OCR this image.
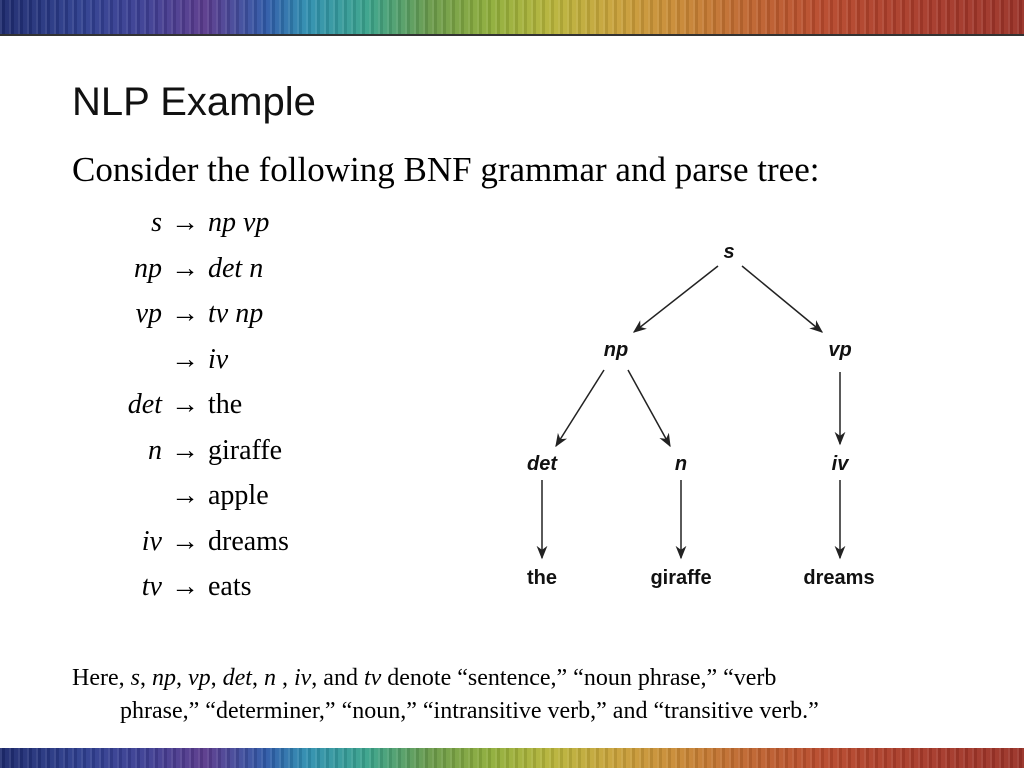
NLP Example
Consider the following BNF grammar and parse tree:
s → np vp
np → det n
vp → tv np
→ iv
det → the
n → giraffe
→ apple
iv → dreams
tv → eats
s
np	vp
det	n	iv
the	giraffe	dreams
Here, s, np, vp, det, n , iv, and tv denote “sentence,” “noun phrase,” “verb
phrase,” “determiner,” “noun,” “intransitive verb,” and “transitive verb.”
